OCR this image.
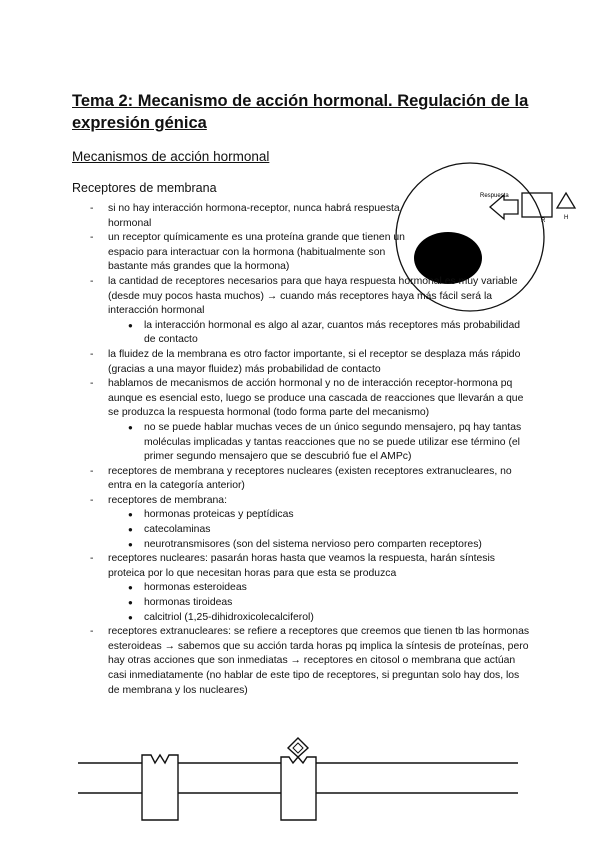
Tema 2: Mecanismo de acción hormonal. Regulación de la expresión génica
Mecanismos de acción hormonal
Receptores de membrana
Respuesta
R	H
- si no hay interacción hormona-receptor, nunca habrá respuesta hormonal
- un receptor químicamente es una proteína grande que tienen un espacio para interactuar con la hormona (habitualmente son bastante más grandes que la hormona)
- la cantidad de receptores necesarios para que haya respuesta hormonal es muy variable (desde muy pocos hasta muchos) → cuando más receptores haya más fácil será la interacción hormonal
● la interacción hormonal es algo al azar, cuantos más receptores más probabilidad de contacto
- la fluidez de la membrana es otro factor importante, si el receptor se desplaza más rápido (gracias a una mayor fluidez) más probabilidad de contacto
- hablamos de mecanismos de acción hormonal y no de interacción receptor-hormona pq aunque es esencial esto, luego se produce una cascada de reacciones que llevarán a que se produzca la respuesta hormonal (todo forma parte del mecanismo)
● no se puede hablar muchas veces de un único segundo mensajero, pq hay tantas moléculas implicadas y tantas reacciones que no se puede utilizar ese término (el primer segundo mensajero que se descubrió fue el AMPc)
- receptores de membrana y receptores nucleares (existen receptores extranucleares, no entra en la categoría anterior)
- receptores de membrana:
● hormonas proteicas y peptídicas
● catecolaminas
● neurotransmisores (son del sistema nervioso pero comparten receptores)
- receptores nucleares: pasarán horas hasta que veamos la respuesta, harán síntesis proteica por lo que necesitan horas para que esta se produzca
● hormonas esteroideas
● hormonas tiroideas
● calcitriol (1,25-dihidroxicolecalciferol)
- receptores extranucleares: se refiere a receptores que creemos que tienen tb las hormonas esteroideas → sabemos que su acción tarda horas pq implica la síntesis de proteínas, pero hay otras acciones que son inmediatas → receptores en citosol o membrana que actúan casi inmediatamente (no hablar de este tipo de receptores, si preguntan solo hay dos, los de membrana y los nucleares)
